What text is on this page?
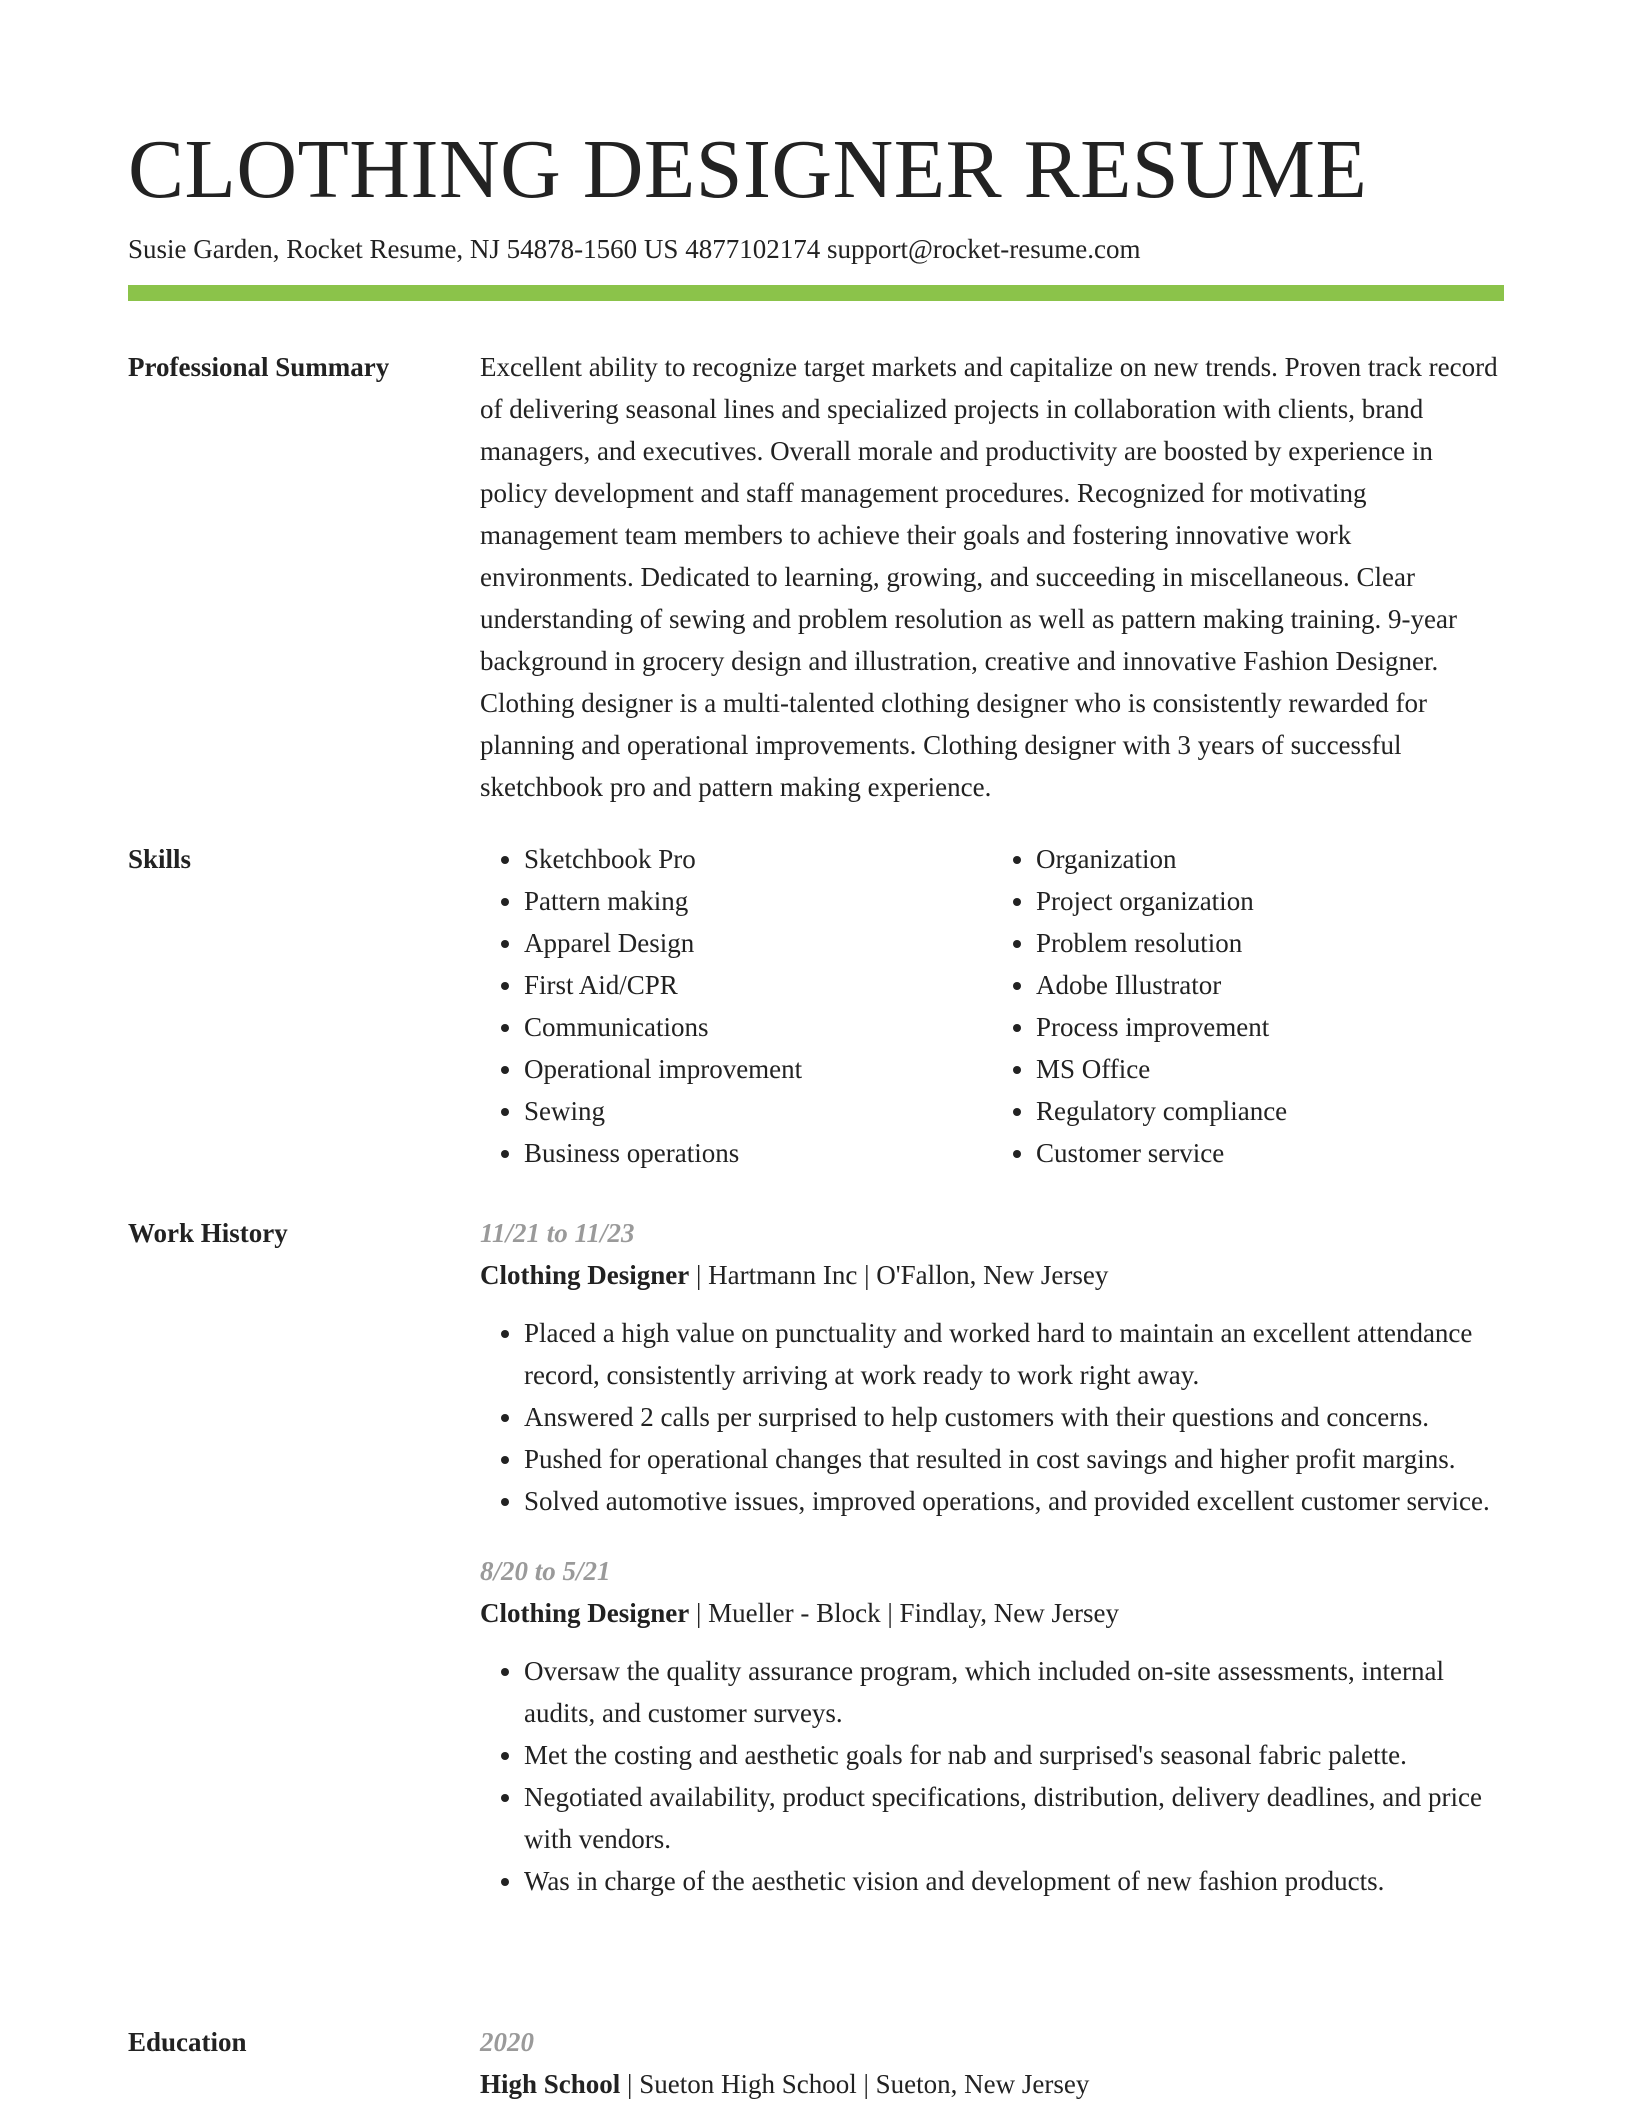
CLOTHING DESIGNER RESUME
Susie Garden, Rocket Resume, NJ 54878-1560 US 4877102174 support@rocket-resume.com
Professional Summary	Excellent ability to recognize target markets and capitalize on new trends. Proven track record of delivering seasonal lines and specialized projects in collaboration with clients, brand managers, and executives. Overall morale and productivity are boosted by experience in policy development and staff management procedures. Recognized for motivating management team members to achieve their goals and fostering innovative work environments. Dedicated to learning, growing, and succeeding in miscellaneous. Clear understanding of sewing and problem resolution as well as pattern making training. 9-year background in grocery design and illustration, creative and innovative Fashion Designer. Clothing designer is a multi-talented clothing designer who is consistently rewarded for planning and operational improvements. Clothing designer with 3 years of successful sketchbook pro and pattern making experience.

Skills
•	Sketchbook Pro
• Pattern making
• Apparel Design
• First Aid/CPR
• Communications
• Operational improvement
• Sewing
• Business operations
• Organization
• Project organization
• Problem resolution
• Adobe Illustrator
• Process improvement
• MS Office
• Regulatory compliance
• Customer service
Work History	11/21 to 11/23
Clothing Designer | Hartmann Inc | O'Fallon, New Jersey
• Placed a high value on punctuality and worked hard to maintain an excellent attendance record, consistently arriving at work ready to work right away.
• Answered 2 calls per surprised to help customers with their questions and concerns.
• Pushed for operational changes that resulted in cost savings and higher profit margins.
• Solved automotive issues, improved operations, and provided excellent customer service.
8/20 to 5/21
Clothing Designer | Mueller - Block | Findlay, New Jersey
• Oversaw the quality assurance program, which included on-site assessments, internal audits, and customer surveys.
• Met the costing and aesthetic goals for nab and surprised's seasonal fabric palette.
• Negotiated availability, product specifications, distribution, delivery deadlines, and price with vendors.
• Was in charge of the aesthetic vision and development of new fashion products.
Education	2020
High School | Sueton High School | Sueton, New Jersey
